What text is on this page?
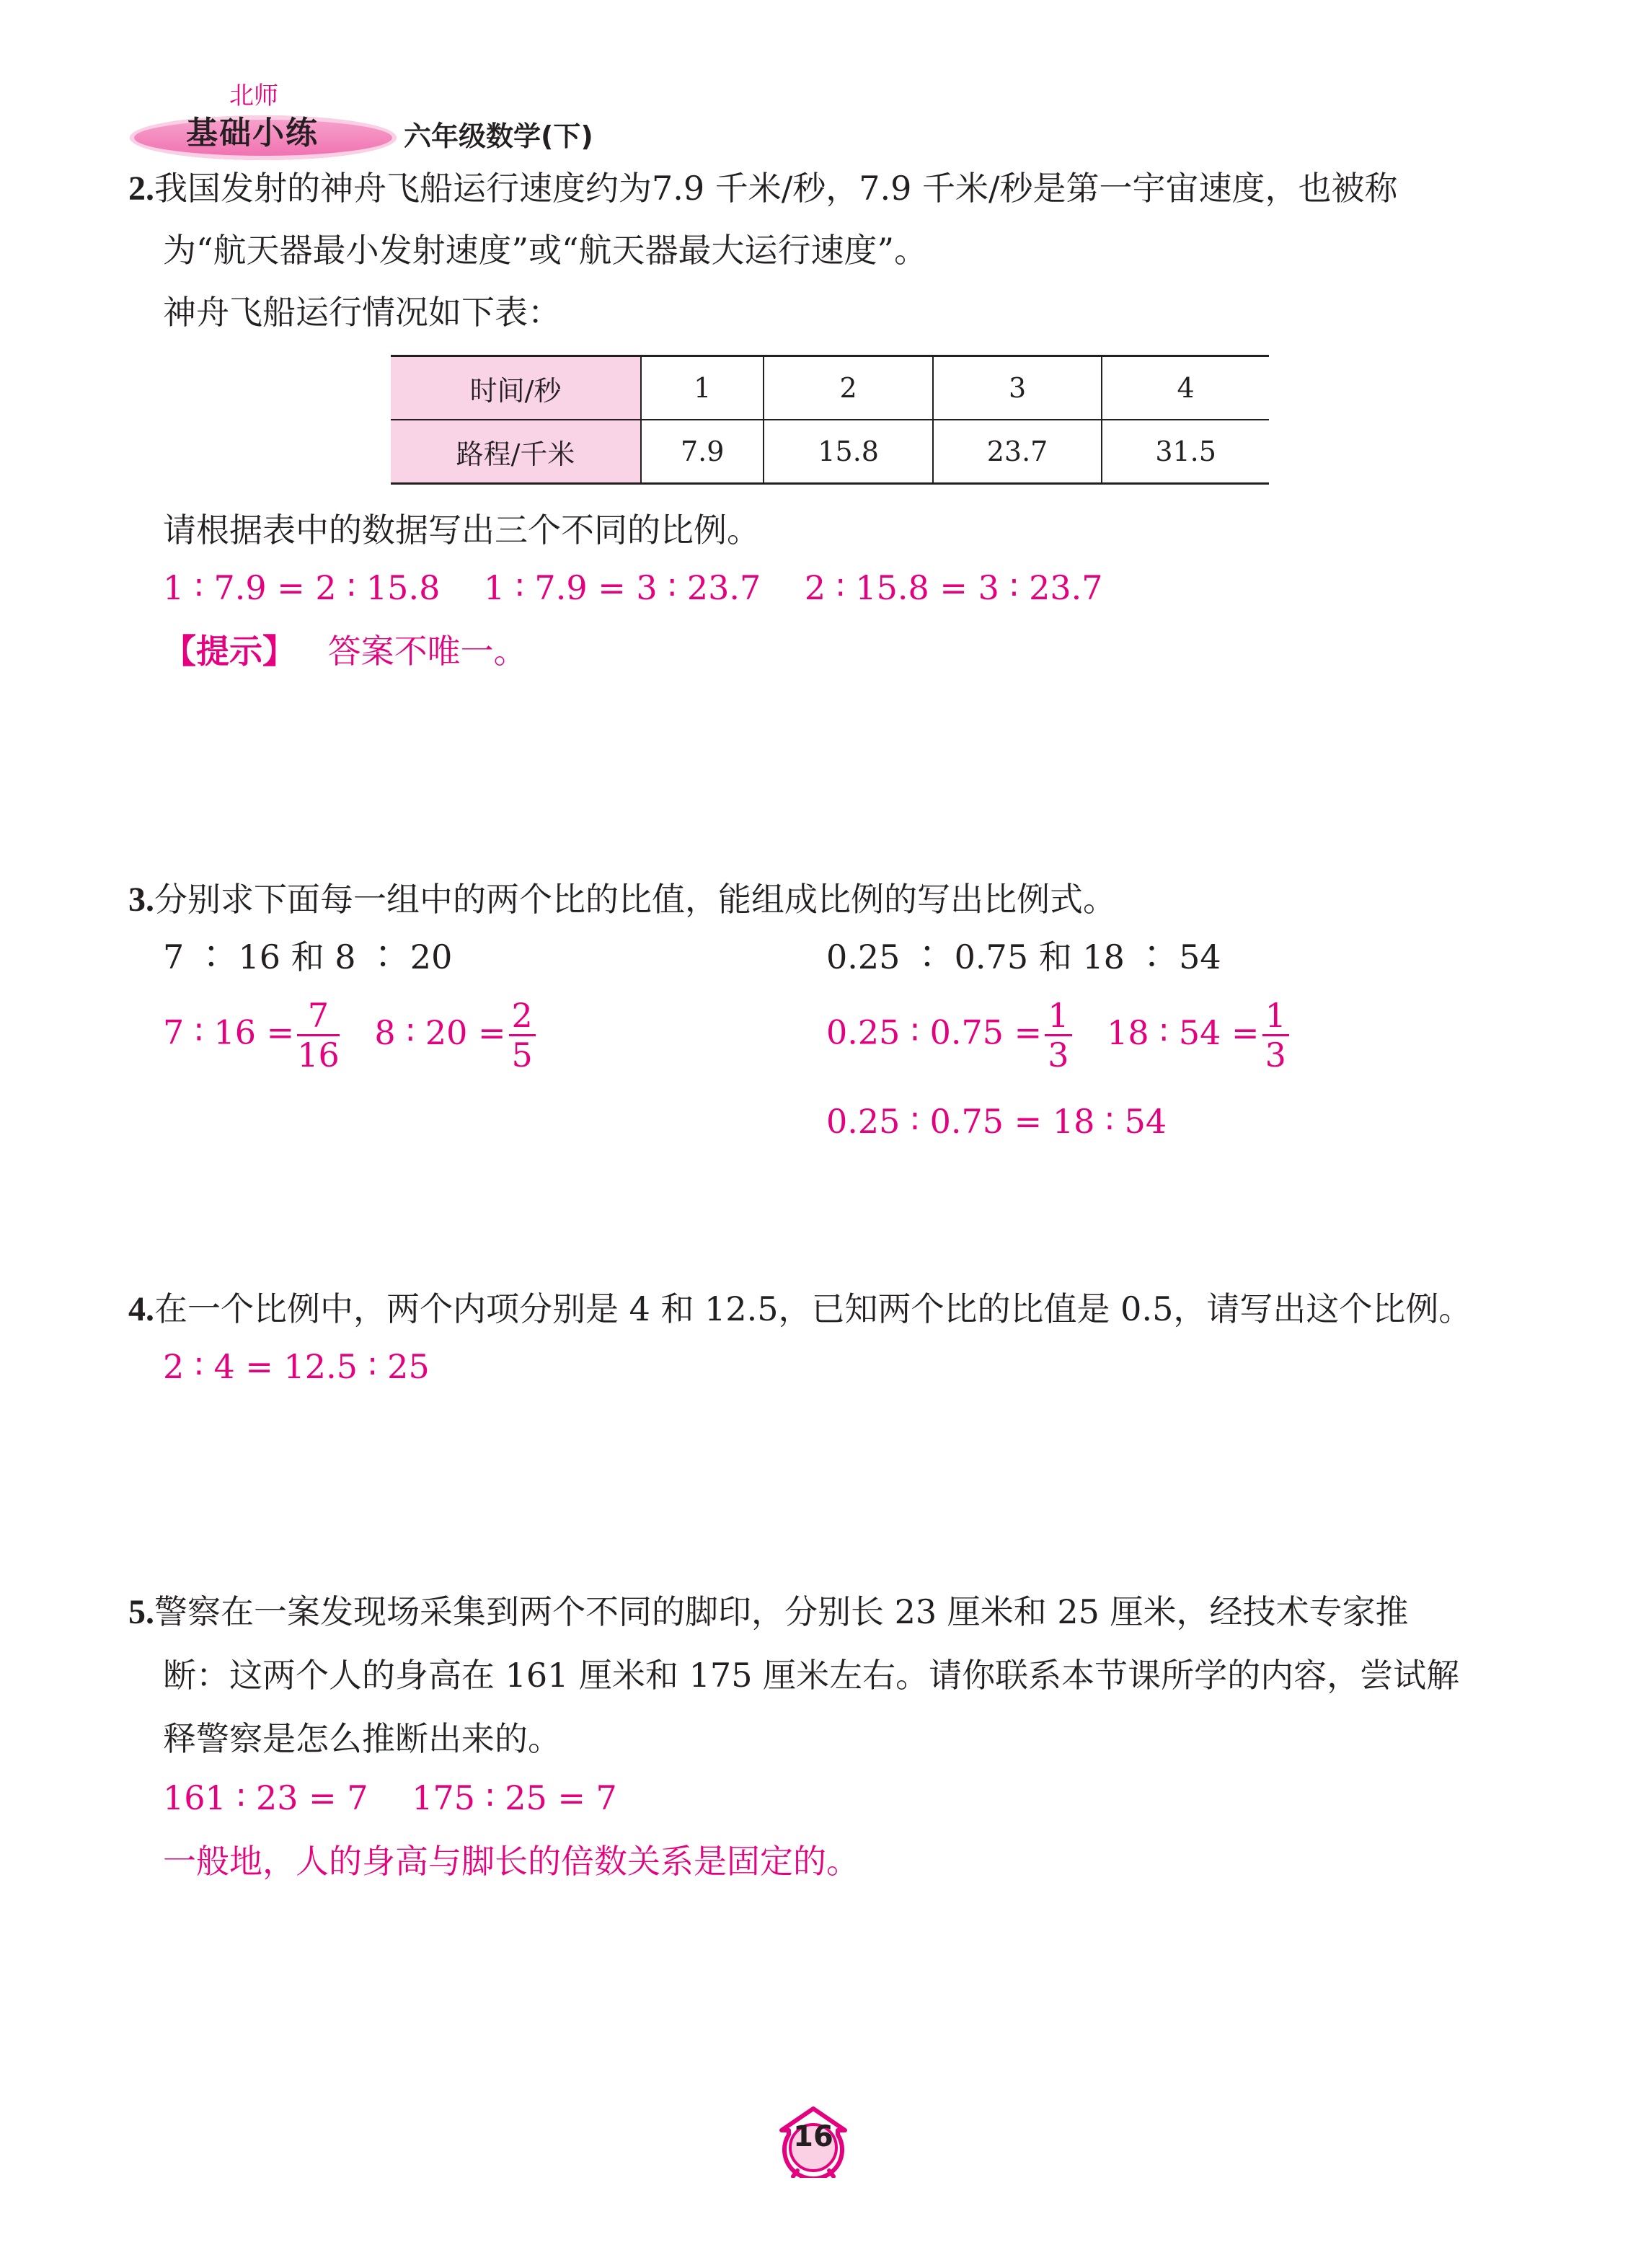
北师
基础小练	六年级数学(下)
2.我国发射的神舟飞船运行速度约为7.9 千米/秒，7.9 千米/秒是第一宇宙速度，也被称
为“航天器最小发射速度”或“航天器最大运行速度”。
神舟飞船运行情况如下表：
时间/秒	1	2	3	4
路程/千米	7.9	15.8	23.7	31.5
请根据表中的数据写出三个不同的比例。
1 ∶ 7.9 = 2 ∶ 15.8　 1 ∶ 7.9 = 3 ∶ 23.7　 2 ∶ 15.8 = 3 ∶ 23.7
【提示】 答案不唯一。
3.分别求下面每一组中的两个比的比值，能组成比例的写出比例式。
7 ∶ 16 和 8 ∶ 20	0.25 ∶ 0.75 和 18 ∶ 54
7 ∶ $16 = \frac{7}{16} 8$ ∶ $20 = \frac{2}{5}$	0.25 ∶ $0.75 = \frac{1}{3} 18$ ∶ $54 = \frac{1}{3}$
0.25 ∶ 0.75 = 18 ∶ 54
4.在一个比例中，两个内项分别是 4 和 12.5，已知两个比的比值是 0.5，请写出这个比例。
2 ∶ 4 = 12.5 ∶ 25
5.警察在一案发现场采集到两个不同的脚印，分别长 23 厘米和 25 厘米，经技术专家推
断：这两个人的身高在 161 厘米和 175 厘米左右。请你联系本节课所学的内容，尝试解
释警察是怎么推断出来的。
161 ∶ 23 = 7　 175 ∶ 25 = 7
一般地，人的身高与脚长的倍数关系是固定的。
16
